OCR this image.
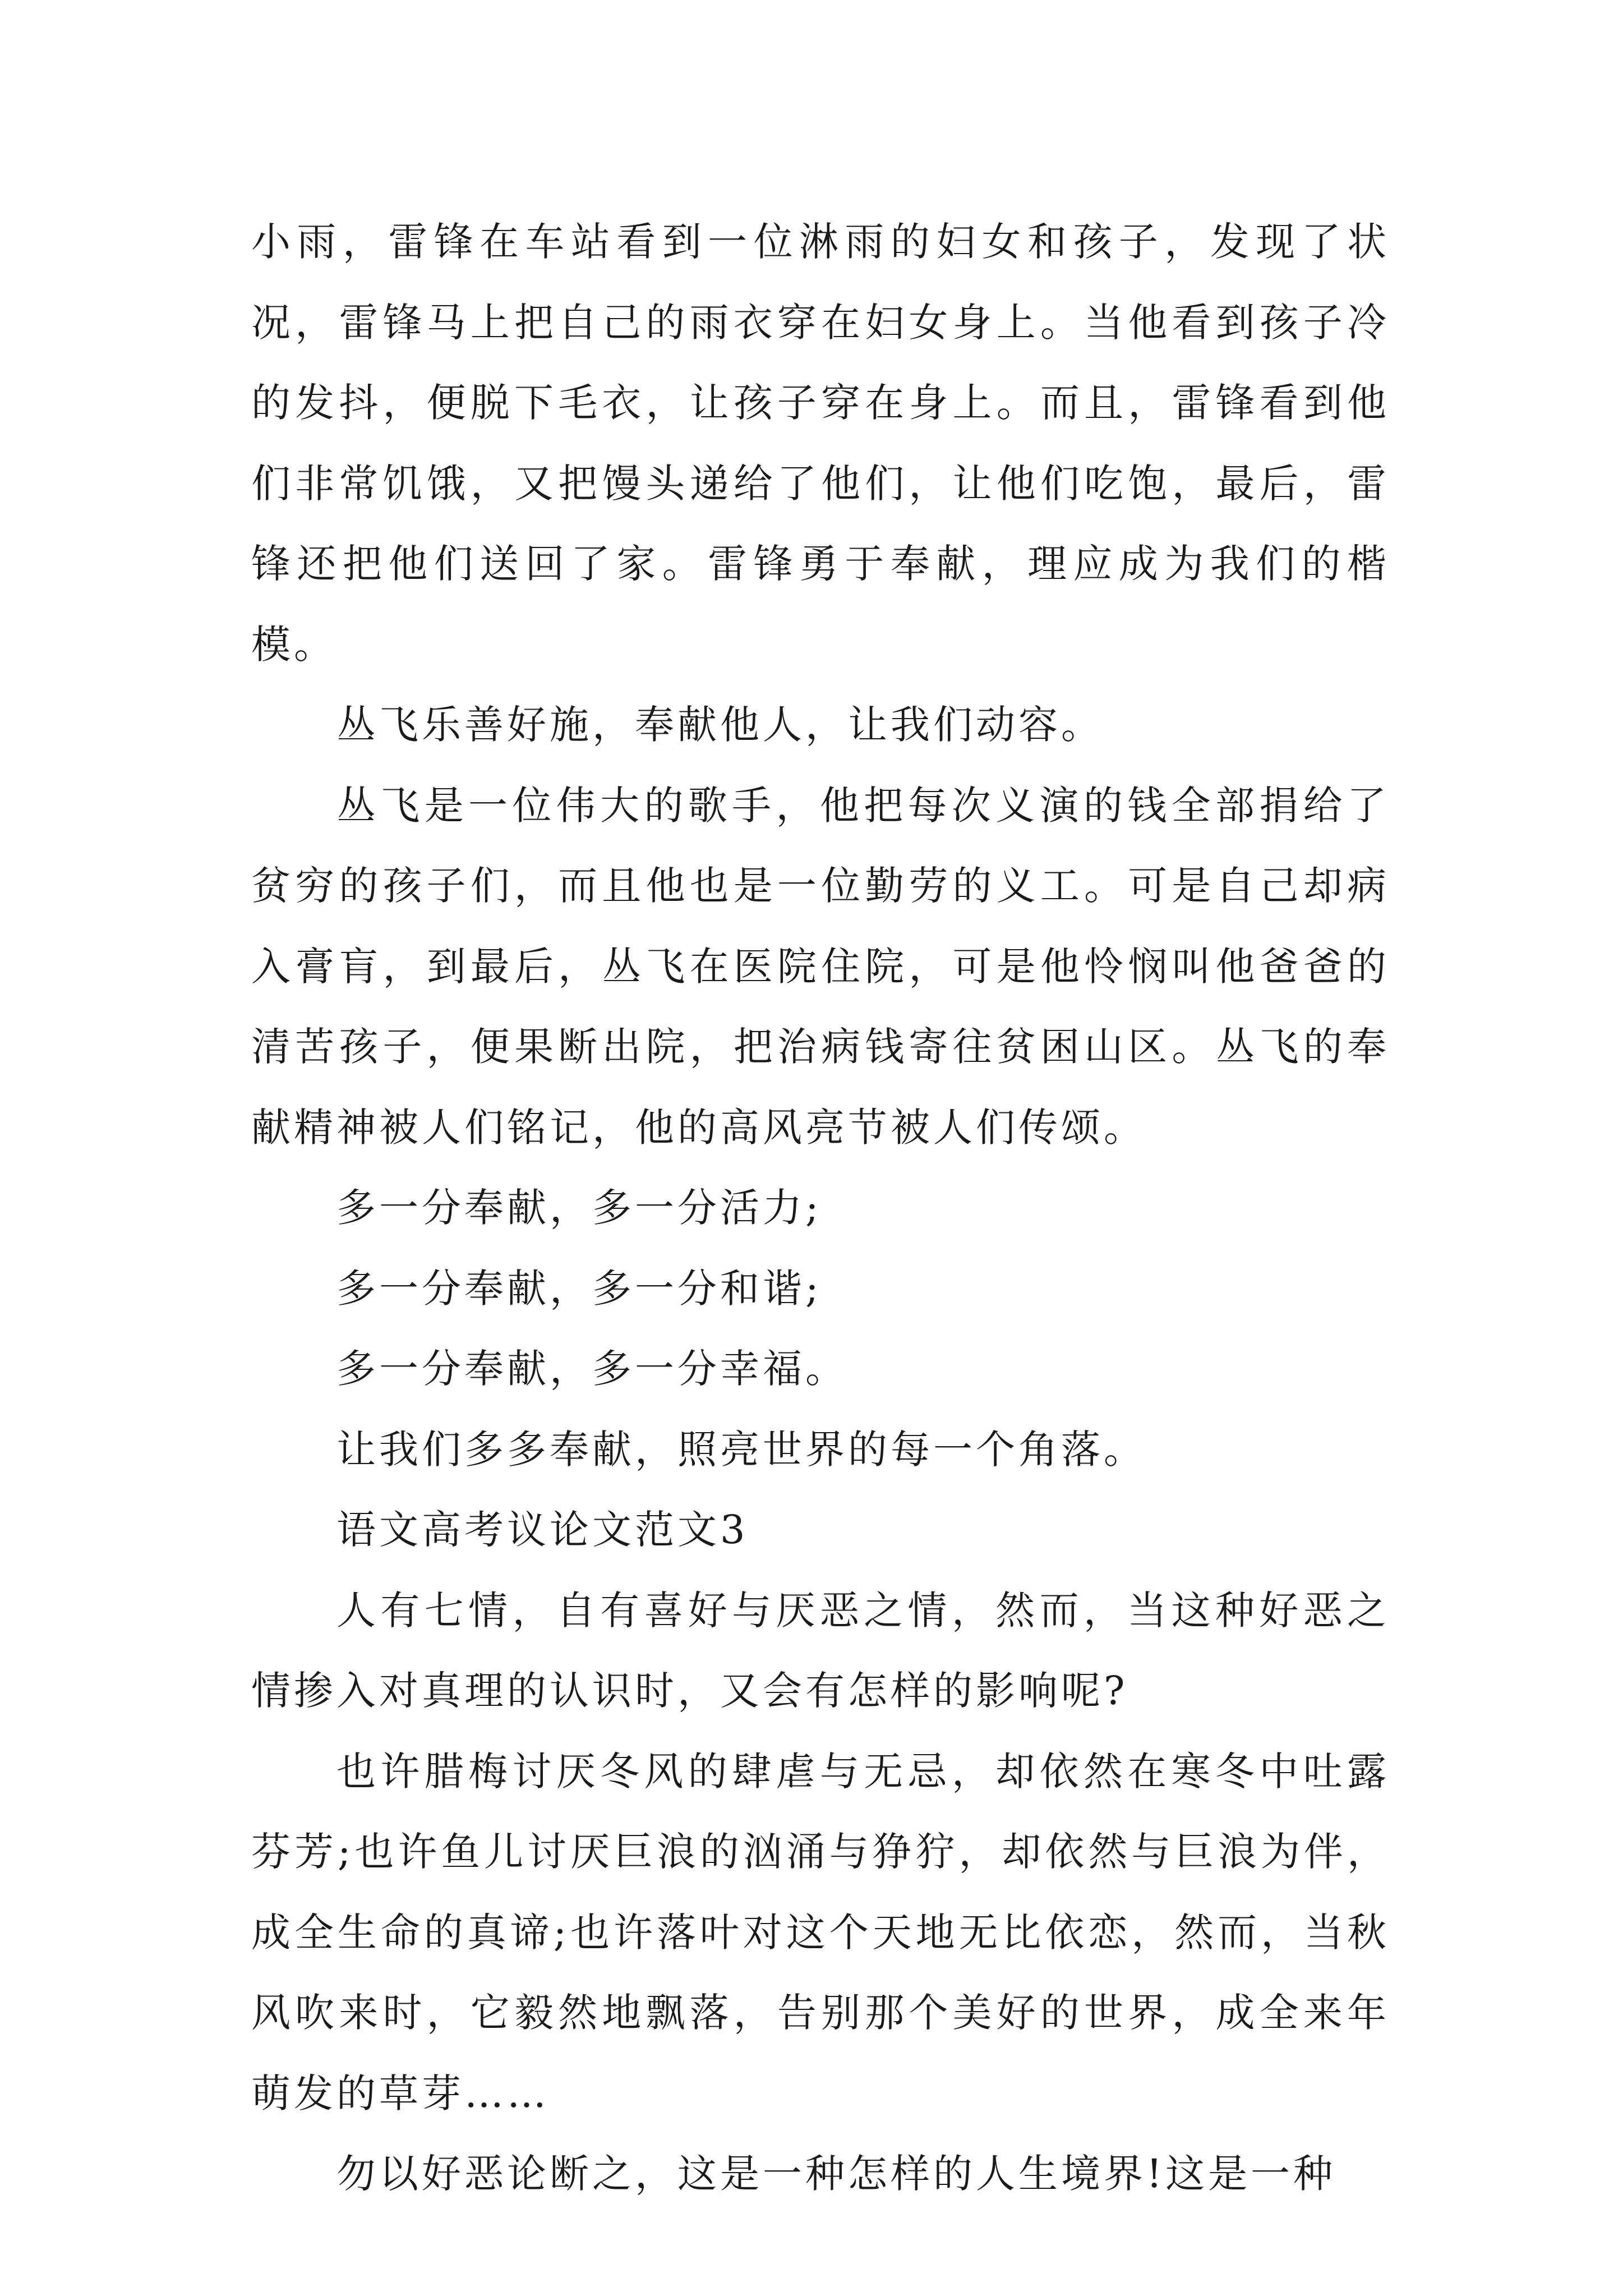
小雨，雷锋在车站看到一位淋雨的妇女和孩子，发现了状况，雷锋马上把自己的雨衣穿在妇女身上。当他看到孩子冷的发抖，便脱下毛衣，让孩子穿在身上。而且，雷锋看到他们非常饥饿，又把馒头递给了他们，让他们吃饱，最后，雷锋还把他们送回了家。雷锋勇于奉献，理应成为我们的楷模。

丛飞乐善好施，奉献他人，让我们动容。

丛飞是一位伟大的歌手，他把每次义演的钱全部捐给了贫穷的孩子们，而且他也是一位勤劳的义工。可是自己却病入膏肓，到最后，丛飞在医院住院，可是他怜悯叫他爸爸的清苦孩子，便果断出院，把治病钱寄往贫困山区。丛飞的奉献精神被人们铭记，他的高风亮节被人们传颂。

多一分奉献，多一分活力;

多一分奉献，多一分和谐;

多一分奉献，多一分幸福。

让我们多多奉献，照亮世界的每一个角落。

语文高考议论文范文3

人有七情，自有喜好与厌恶之情，然而，当这种好恶之情掺入对真理的认识时，又会有怎样的影响呢?

也许腊梅讨厌冬风的肆虐与无忌，却依然在寒冬中吐露芬芳;也许鱼儿讨厌巨浪的汹涌与狰狞，却依然与巨浪为伴，成全生命的真谛;也许落叶对这个天地无比依恋，然而，当秋风吹来时，它毅然地飘落，告别那个美好的世界，成全来年萌发的草芽……

勿以好恶论断之，这是一种怎样的人生境界!这是一种
